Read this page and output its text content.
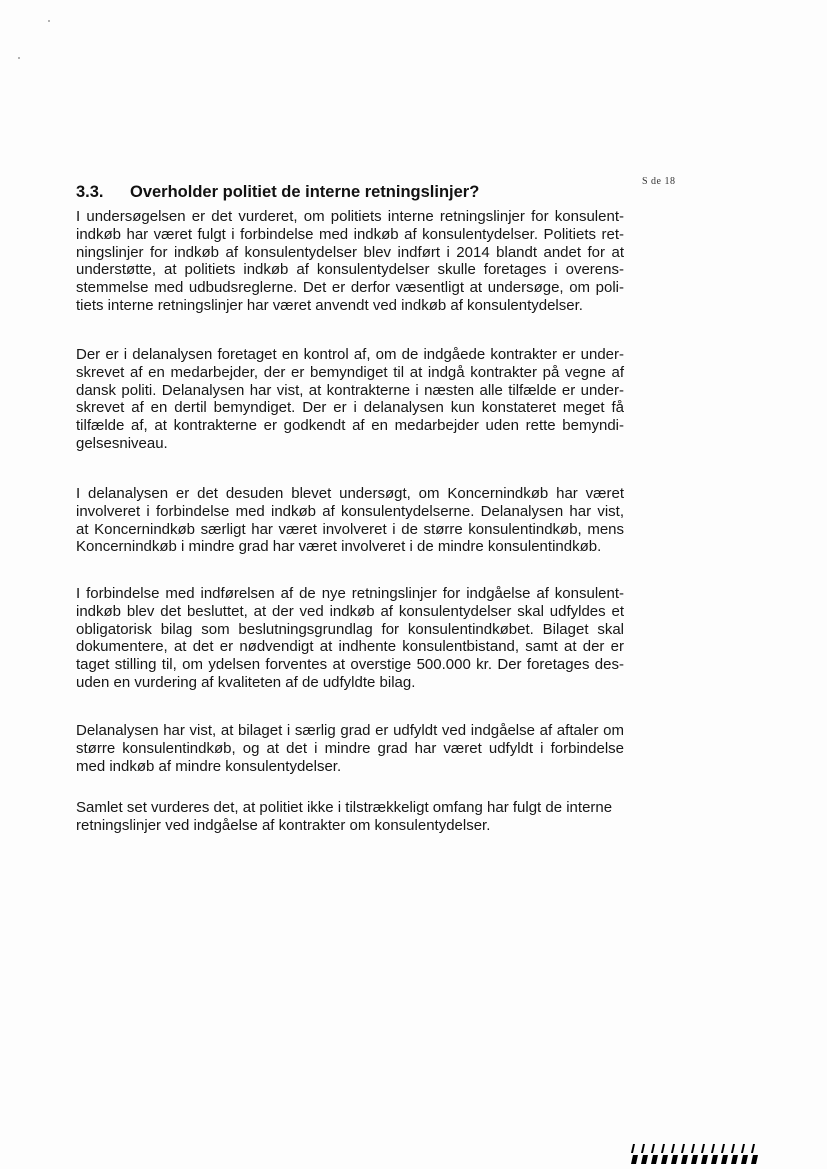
S de 18
3.3. Overholder politiet de interne retningslinjer?

I undersøgelsen er det vurderet, om politiets interne retningslinjer for konsulent-
indkøb har været fulgt i forbindelse med indkøb af konsulentydelser. Politiets ret-
ningslinjer for indkøb af konsulentydelser blev indført i 2014 blandt andet for at
understøtte, at politiets indkøb af konsulentydelser skulle foretages i overens-
stemmelse med udbudsreglerne. Det er derfor væsentligt at undersøge, om poli-
tiets interne retningslinjer har været anvendt ved indkøb af konsulentydelser.

Der er i delanalysen foretaget en kontrol af, om de indgåede kontrakter er under-
skrevet af en medarbejder, der er bemyndiget til at indgå kontrakter på vegne af
dansk politi. Delanalysen har vist, at kontrakterne i næsten alle tilfælde er under-
skrevet af en dertil bemyndiget. Der er i delanalysen kun konstateret meget få
tilfælde af, at kontrakterne er godkendt af en medarbejder uden rette bemyndi-
gelsesniveau.

I delanalysen er det desuden blevet undersøgt, om Koncernindkøb har været
involveret i forbindelse med indkøb af konsulentydelserne. Delanalysen har vist,
at Koncernindkøb særligt har været involveret i de større konsulentindkøb, mens
Koncernindkøb i mindre grad har været involveret i de mindre konsulentindkøb.

I forbindelse med indførelsen af de nye retningslinjer for indgåelse af konsulent-
indkøb blev det besluttet, at der ved indkøb af konsulentydelser skal udfyldes et
obligatorisk bilag som beslutningsgrundlag for konsulentindkøbet. Bilaget skal
dokumentere, at det er nødvendigt at indhente konsulentbistand, samt at der er
taget stilling til, om ydelsen forventes at overstige 500.000 kr. Der foretages des-
uden en vurdering af kvaliteten af de udfyldte bilag.

Delanalysen har vist, at bilaget i særlig grad er udfyldt ved indgåelse af aftaler om
større konsulentindkøb, og at det i mindre grad har været udfyldt i forbindelse
med indkøb af mindre konsulentydelser.

Samlet set vurderes det, at politiet ikke i tilstrækkeligt omfang har fulgt de interne
retningslinjer ved indgåelse af kontrakter om konsulentydelser.
